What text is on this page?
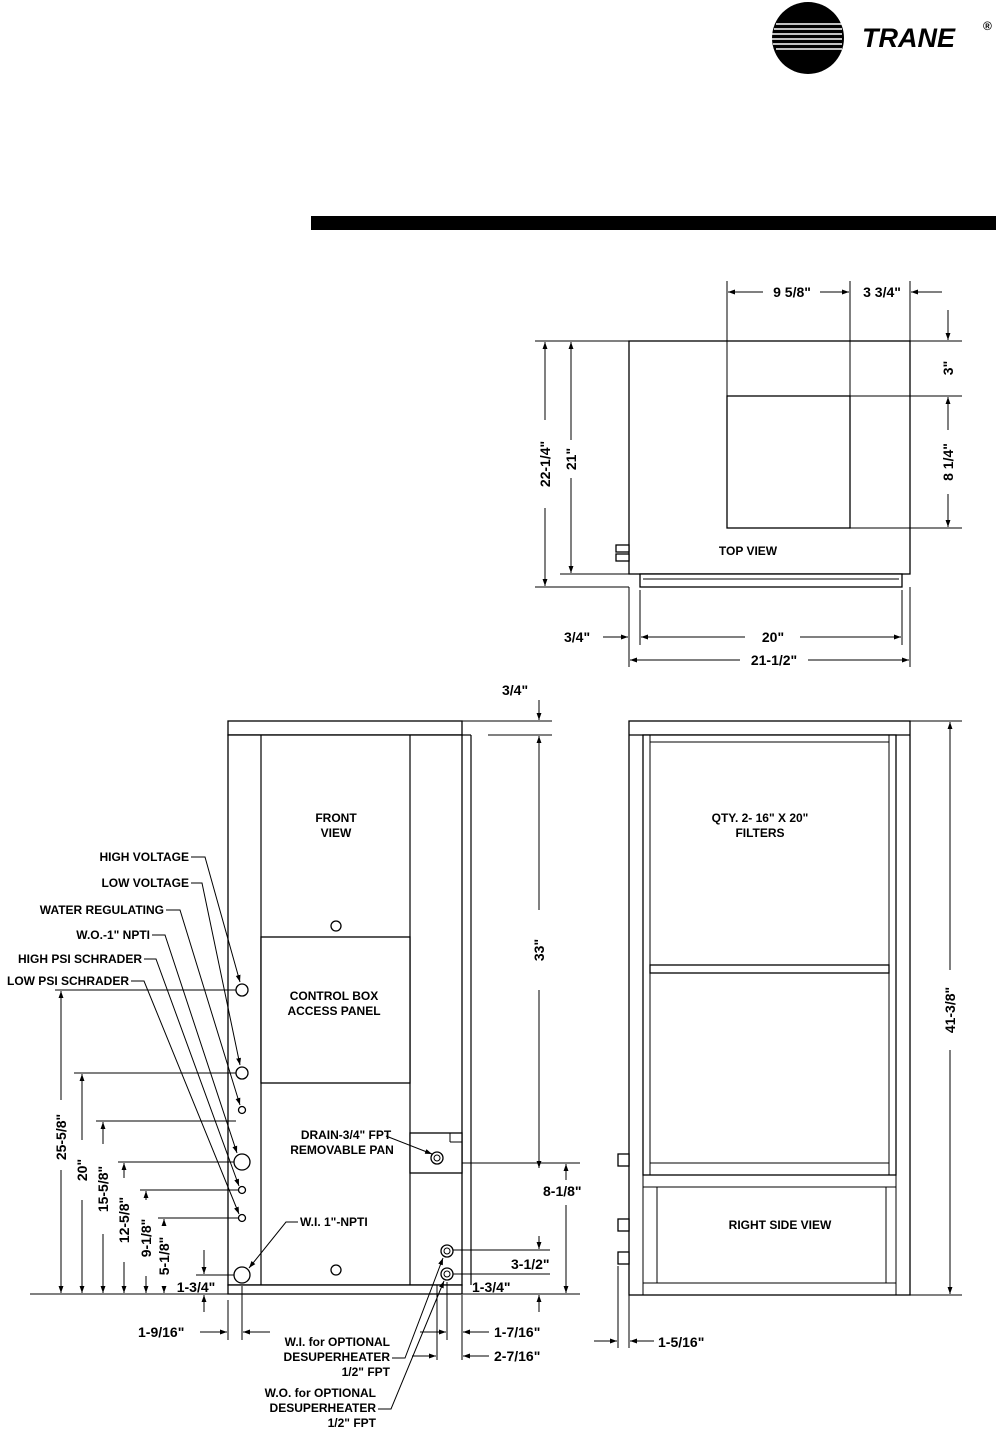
TRANE ®
TOP VIEW
9 5/8"	3 3/4"
3"
8 1/4"
22-1/4" 21"
3/4"	20"
21-1/2"
FRONT
VIEW
CONTROL BOX
ACCESS PANEL
DRAIN-3/4" FPT
REMOVABLE PAN
HIGH VOLTAGE
LOW VOLTAGE
WATER REGULATING
W.O.-1" NPTI
HIGH PSI SCHRADER
LOW PSI SCHRADER
W.I. 1"-NPTI
25-5/8"
20" 15-5/8"
12-5/8" 9-1/8" 5-1/8"
1-3/4"
1-9/16"
W.I. for OPTIONAL
DESUPERHEATER
1/2" FPT
W.O. for OPTIONAL
DESUPERHEATER
1/2" FPT
1-7/16"
2-7/16"
3/4"
33"
8-1/8"
3-1/2"
1-3/4"
QTY. 2- 16" X 20"
FILTERS
RIGHT SIDE VIEW
41-3/8"
1-5/16"
